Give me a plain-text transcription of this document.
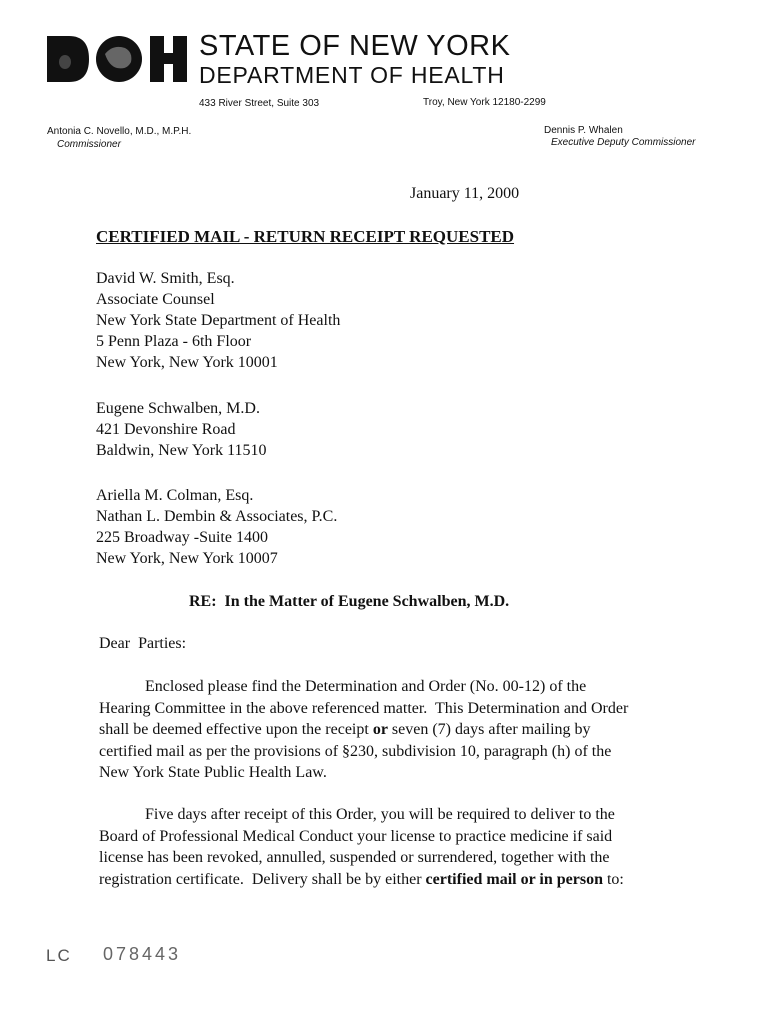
STATE OF NEW YORK
DEPARTMENT OF HEALTH
433 River Street, Suite 303	Troy, New York 12180-2299
Antonia C. Novello, M.D., M.P.H.
Commissioner
Dennis P. Whalen
Executive Deputy Commissioner
January 11, 2000
CERTIFIED MAIL - RETURN RECEIPT REQUESTED
David W. Smith, Esq.
Associate Counsel
New York State Department of Health
5 Penn Plaza - 6th Floor
New York, New York 10001
Eugene Schwalben, M.D.
421 Devonshire Road
Baldwin, New York 11510
Ariella M. Colman, Esq.
Nathan L. Dembin & Associates, P.C.
225 Broadway -Suite 1400
New York, New York 10007
RE:  In the Matter of Eugene Schwalben, M.D.
Dear  Parties:
Enclosed please find the Determination and Order (No. 00-12) of the
Hearing Committee in the above referenced matter.  This Determination and Order
shall be deemed effective upon the receipt or seven (7) days after mailing by
certified mail as per the provisions of §230, subdivision 10, paragraph (h) of the
New York State Public Health Law.
Five days after receipt of this Order, you will be required to deliver to the
Board of Professional Medical Conduct your license to practice medicine if said
license has been revoked, annulled, suspended or surrendered, together with the
registration certificate.  Delivery shall be by either certified mail or in person to:
LC 078443
